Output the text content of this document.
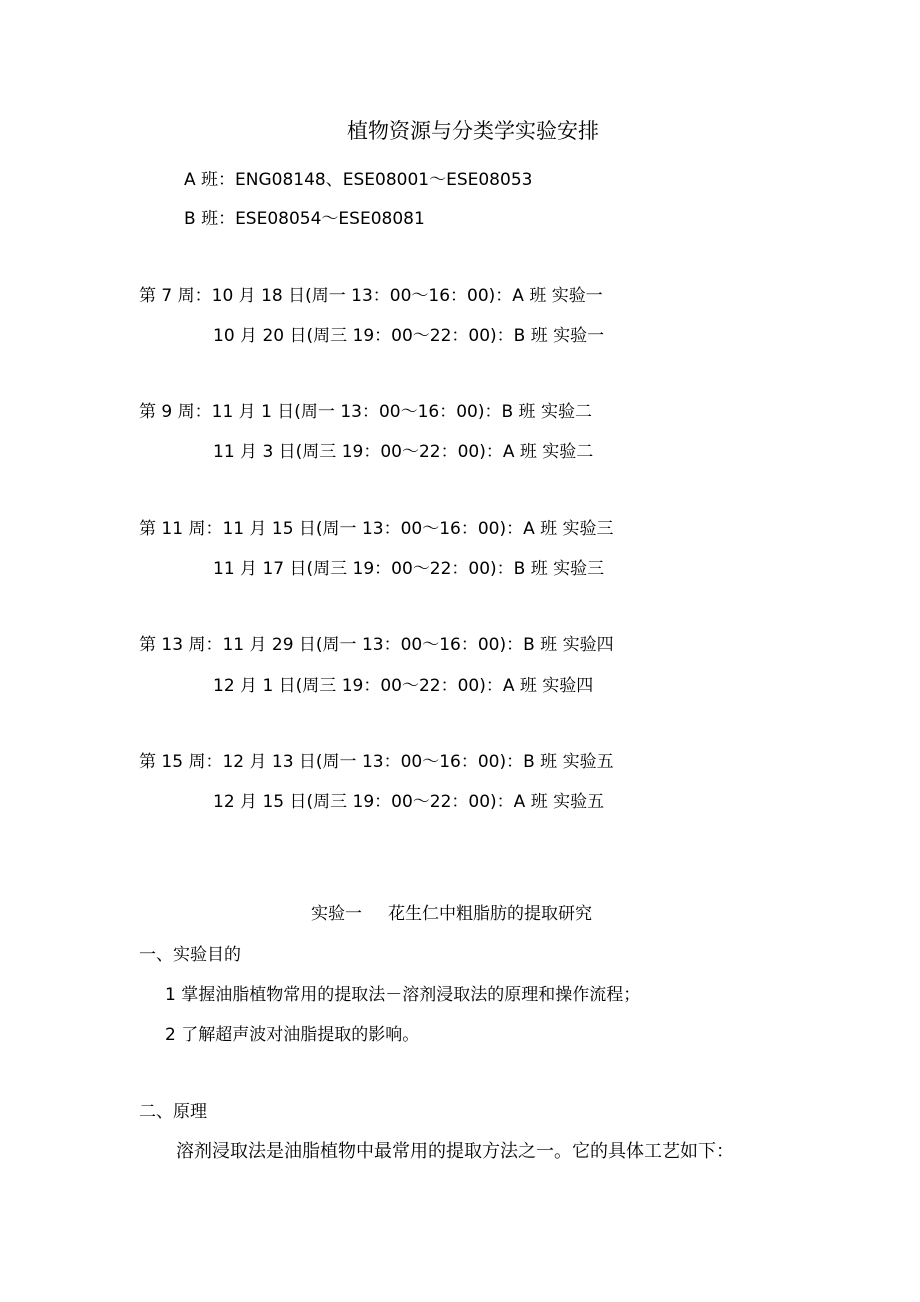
植物资源与分类学实验安排
A 班：ENG08148、ESE08001～ESE08053
B 班：ESE08054～ESE08081
第 7 周：10 月 18 日(周一 13：00～16：00)：A 班 实验一
10 月 20 日(周三 19：00～22：00)：B 班 实验一
第 9 周：11 月 1 日(周一 13：00～16：00)：B 班 实验二
11 月 3 日(周三 19：00～22：00)：A 班 实验二
第 11 周：11 月 15 日(周一 13：00～16：00)：A 班 实验三
11 月 17 日(周三 19：00～22：00)：B 班 实验三
第 13 周：11 月 29 日(周一 13：00～16：00)：B 班 实验四
12 月 1 日(周三 19：00～22：00)：A 班 实验四
第 15 周：12 月 13 日(周一 13：00～16：00)：B 班 实验五
12 月 15 日(周三 19：00～22：00)：A 班 实验五
实验一 花生仁中粗脂肪的提取研究
一、实验目的
1 掌握油脂植物常用的提取法－溶剂浸取法的原理和操作流程；
2 了解超声波对油脂提取的影响。
二、原理
溶剂浸取法是油脂植物中最常用的提取方法之一。它的具体工艺如下：
